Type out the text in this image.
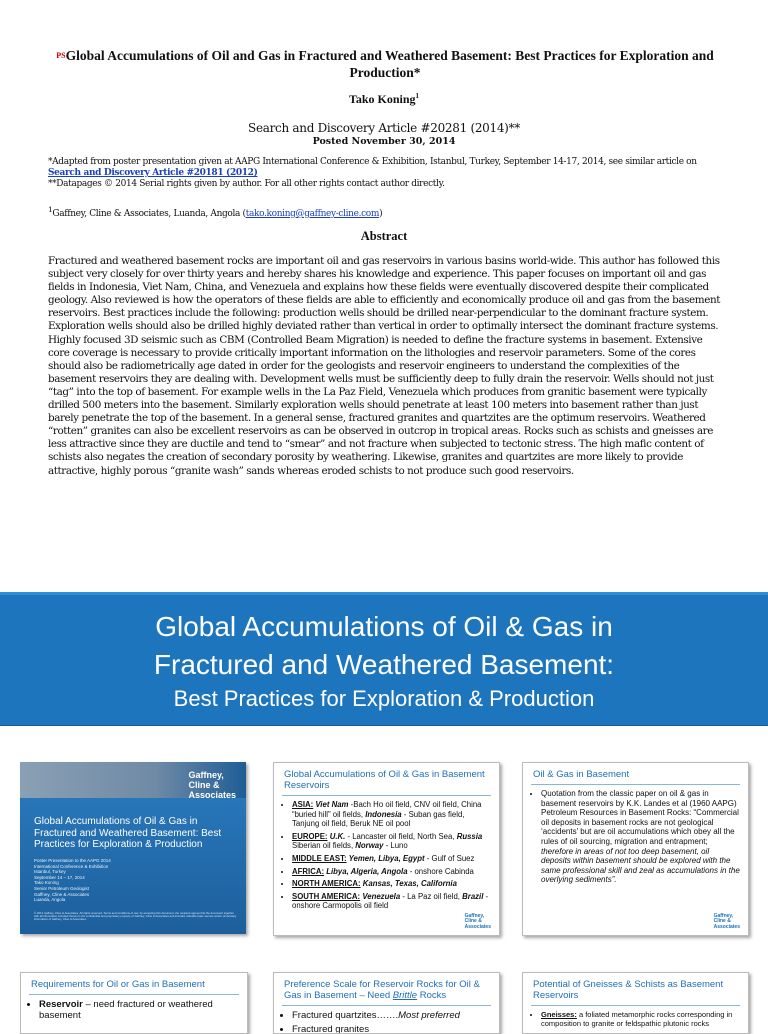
$^{PS}$Global Accumulations of Oil and Gas in Fractured and Weathered Basement: Best Practices for Exploration and Production*
Tako Koning$^1$
Search and Discovery Article #20281 (2014)**
Posted November 30, 2014
*Adapted from poster presentation given at AAPG International Conference & Exhibition, Istanbul, Turkey, September 14-17, 2014, see similar article on Search and Discovery Article #20181 (2012)
**Datapages © 2014 Serial rights given by author. For all other rights contact author directly.
$^1$Gaffney, Cline & Associates, Luanda, Angola (tako.koning@gaffney-cline.com)
Abstract
Fractured and weathered basement rocks are important oil and gas reservoirs in various basins world-wide. This author has followed this subject very closely for over thirty years and hereby shares his knowledge and experience. This paper focuses on important oil and gas fields in Indonesia, Viet Nam, China, and Venezuela and explains how these fields were eventually discovered despite their complicated geology. Also reviewed is how the operators of these fields are able to efficiently and economically produce oil and gas from the basement reservoirs. Best practices include the following: production wells should be drilled near-perpendicular to the dominant fracture system. Exploration wells should also be drilled highly deviated rather than vertical in order to optimally intersect the dominant fracture systems. Highly focused 3D seismic such as CBM (Controlled Beam Migration) is needed to define the fracture systems in basement. Extensive core coverage is necessary to provide critically important information on the lithologies and reservoir parameters. Some of the cores should also be radiometrically age dated in order for the geologists and reservoir engineers to understand the complexities of the basement reservoirs they are dealing with. Development wells must be sufficiently deep to fully drain the reservoir. Wells should not just “tag” into the top of basement. For example wells in the La Paz Field, Venezuela which produces from granitic basement were typically drilled 500 meters into the basement. Similarly exploration wells should penetrate at least 100 meters into basement rather than just barely penetrate the top of the basement. In a general sense, fractured granites and quartzites are the optimum reservoirs. Weathered “rotten” granites can also be excellent reservoirs as can be observed in outcrop in tropical areas. Rocks such as schists and gneisses are less attractive since they are ductile and tend to “smear” and not fracture when subjected to tectonic stress. The high mafic content of schists also negates the creation of secondary porosity by weathering. Likewise, granites and quartzites are more likely to provide attractive, highly porous “granite wash” sands whereas eroded schists to not produce such good reservoirs.
Global Accumulations of Oil & Gas in
Fractured and Weathered Basement:
Best Practices for Exploration & Production
Gaffney,
Cline &
Associates
Global Accumulations of Oil & Gas in Fractured and Weathered Basement: Best Practices for Exploration & Production
Poster Presentation to the AAPG 2014
International Conference & Exhibition
Istanbul, Turkey
September 14 – 17, 2014
Tako Koning
Senior Petroleum Geologist
Gaffney, Cline & Associates
Luanda, Angola
© 2014 Gaffney, Cline & Associates. All rights reserved. Terms and conditions of use: by accepting this document, the recipient agrees that the document together with all information included therein is the confidential and proprietary property of Gaffney, Cline & Associates and includes valuable trade secrets and/or proprietary information of Gaffney, Cline & Associates.
Global Accumulations of Oil & Gas in Basement Reservoirs
• ASIA: Viet Nam -Bach Ho oil field, CNV oil field, China “buried hill” oil fields, Indonesia - Suban gas field, Tanjung oil field, Beruk NE oil pool
• EUROPE: U.K. - Lancaster oil field, North Sea, Russia Siberian oil fields, Norway - Luno
• MIDDLE EAST: Yemen, Libya, Egypt - Gulf of Suez
• AFRICA: Libya, Algeria, Angola - onshore Cabinda
• NORTH AMERICA: Kansas, Texas, California
• SOUTH AMERICA: Venezuela - La Paz oil field, Brazil - onshore Carmopolis oil field
Gaffney,
Cline &
Associates
Oil & Gas in Basement
• Quotation from the classic paper on oil & gas in basement reservoirs by K.K. Landes et al (1960 AAPG) Petroleum Resources in Basement Rocks: “Commercial oil deposits in basement rocks are not geological ‘accidents’ but are oil accumulations which obey all the rules of oil sourcing, migration and entrapment; therefore in areas of not too deep basement, oil deposits within basement should be explored with the same professional skill and zeal as accumulations in the overlying sediments”.
Gaffney,
Cline &
Associates
Requirements for Oil or Gas in Basement
• Reservoir – need fractured or weathered basement
Preference Scale for Reservoir Rocks for Oil & Gas in Basement – Need Brittle Rocks
• Fractured quartzites…….Most preferred
• Fractured granites
Potential of Gneisses & Schists as Basement Reservoirs
• Gneisses: a foliated metamorphic rocks corresponding in composition to granite or feldspathic plutonic rocks
